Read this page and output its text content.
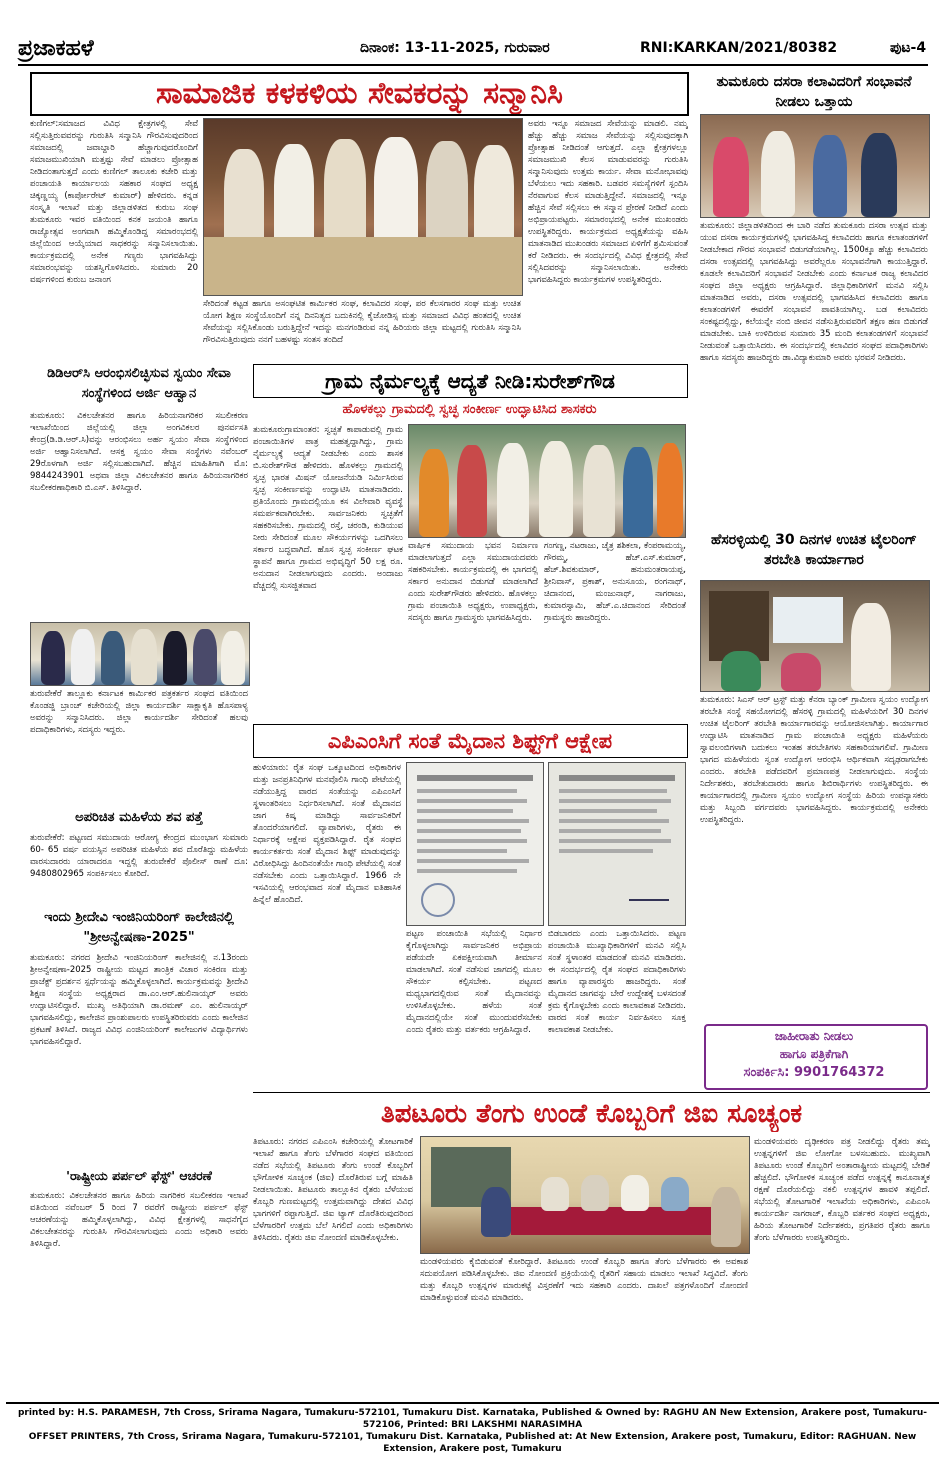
ಪ್ರಜಾಕಹಳೆ	ದಿನಾಂಕ: 13-11-2025, ಗುರುವಾರ	RNI:KARKAN/2021/80382	ಪುಟ-4
ಸಾಮಾಜಿಕ ಕಳಕಳಿಯ ಸೇವಕರನ್ನು ಸನ್ಮಾನಿಸಿ
ಕುಣಿಗಲ್:ಸಮಾಜದ ವಿವಿಧ ಕ್ಷೇತ್ರಗಳಲ್ಲಿ ಸೇವೆ ಸಲ್ಲಿಸುತ್ತಿರುವವರನ್ನು ಗುರುತಿಸಿ ಸನ್ಮಾನಿಸಿ ಗೌರವಿಸುವುದರಿಂದ ಸಮಾಜದಲ್ಲಿ ಜವಾಬ್ದಾರಿ ಹೆಚ್ಚಾಗುವುದರೊಂದಿಗೆ ಸಮಾಜಮುಖಿಯಾಗಿ ಮತ್ತಷ್ಟು ಸೇವೆ ಮಾಡಲು ಪ್ರೋತ್ಸಾಹ ನೀಡಿದಂತಾಗುತ್ತದೆ ಎಂದು ಕುಣಿಗಲ್ ತಾಲೂಕು ಕಚೇರಿ ಮತ್ತು ಪಂಚಾಯತಿ ಕಾರ್ಯಾಲಯ ಸಹಕಾರ ಸಂಘದ ಅಧ್ಯಕ್ಷ ಚಿಕ್ಕಣ್ಣಯ್ಯ (ಕಾರ್ಪೋರೇಟ್ ಕುಮಾರ್) ಹೇಳಿದರು. ಕನ್ನಡ ಸಂಸ್ಕೃತಿ ಇಲಾಖೆ ಮತ್ತು ಜಿಲ್ಲಾಡಳಿತದ ಕುರುಬ ಸಂಘ ತುಮಕೂರು ಇವರ ವತಿಯಿಂದ ಕನಕ ಜಯಂತಿ ಹಾಗೂ ರಾಜ್ಯೋತ್ಸವ ಅಂಗವಾಗಿ ಹಮ್ಮಿಕೊಂಡಿದ್ದ ಸಮಾರಂಭದಲ್ಲಿ ಜಿಲ್ಲೆಯಿಂದ ಆಯ್ಕೆಯಾದ ಸಾಧಕರನ್ನು ಸನ್ಮಾನಿಸಲಾಯಿತು. ಕಾರ್ಯಕ್ರಮದಲ್ಲಿ ಅನೇಕ ಗಣ್ಯರು ಭಾಗವಹಿಸಿದ್ದು ಸಮಾರಂಭವನ್ನು ಯಶಸ್ವಿಗೊಳಿಸಿದರು. ಸುಮಾರು 20 ವರ್ಷಗಳಿಂದ ಕುರುಬ ಜನಾಂಗ
ಸೇರಿದಂತೆ ಕಟ್ಟಡ ಹಾಗೂ ಅಸಂಘಟಿತ ಕಾರ್ಮಿಕರ ಸಂಘ, ಕಲಾವಿದರ ಸಂಘ, ಪರ ಕೆಲಸಗಾರರ ಸಂಘ ಮತ್ತು ಉಚಿತ ಯೋಗ ಶಿಕ್ಷಣ ಸಂಸ್ಥೆಯೊಂದಿಗೆ ನನ್ನ ದಿನನಿತ್ಯದ ಬದುಕಿನಲ್ಲಿ ಕೈಜೋಡಿಸ್ಸ ಮತ್ತು ಸಮಾಜದ ವಿವಿಧ ಹಂತದಲ್ಲಿ ಉಚಿತ ಸೇವೆಯನ್ನು ಸಲ್ಲಿಸಿಕೊಂಡು ಬರುತ್ತಿದ್ದೇನೆ ಇದನ್ನು ಮನಗಂಡಿರುವ ನನ್ನ ಹಿರಿಯರು ಜಿಲ್ಲಾ ಮಟ್ಟದಲ್ಲಿ ಗುರುತಿಸಿ ಸನ್ಮಾನಿಸಿ ಗೌರವಿಸುತ್ತಿರುವುದು ನನಗೆ ಬಹಳಷ್ಟು ಸಂತಸ ತಂದಿದೆ
ಅವರು ಇನ್ನೂ ಸಮಾಜದ ಸೇವೆಯನ್ನು ಮಾಡಲಿ. ನಮ್ಮ ಹೆಚ್ಚು ಹೆಚ್ಚು ಸಮಾಜ ಸೇವೆಯನ್ನು ಸಲ್ಲಿಸುವುದಕ್ಕಾಗಿ ಪ್ರೋತ್ಸಾಹ ನೀಡಿದಂತೆ ಆಗುತ್ತದೆ. ಎಲ್ಲಾ ಕ್ಷೇತ್ರಗಳಲ್ಲೂ ಸಮಾಜಮುಖಿ ಕೆಲಸ ಮಾಡುವವರನ್ನು ಗುರುತಿಸಿ ಸನ್ಮಾನಿಸುವುದು ಉತ್ತಮ ಕಾರ್ಯ. ಸೇವಾ ಮನೋಭಾವವು ಬೆಳೆಯಲು ಇದು ಸಹಕಾರಿ. ಬಡವರ ಸಮಸ್ಯೆಗಳಿಗೆ ಸ್ಪಂದಿಸಿ ನೆರವಾಗುವ ಕೆಲಸ ಮಾಡುತ್ತಿದ್ದೇನೆ. ಸಮಾಜದಲ್ಲಿ ಇನ್ನೂ ಹೆಚ್ಚಿನ ಸೇವೆ ಸಲ್ಲಿಸಲು ಈ ಸನ್ಮಾನ ಪ್ರೇರಣೆ ನೀಡಿದೆ ಎಂದು ಅಭಿಪ್ರಾಯಪಟ್ಟರು. ಸಮಾರಂಭದಲ್ಲಿ ಅನೇಕ ಮುಖಂಡರು ಉಪಸ್ಥಿತರಿದ್ದರು. ಕಾರ್ಯಕ್ರಮದ ಅಧ್ಯಕ್ಷತೆಯನ್ನು ವಹಿಸಿ ಮಾತನಾಡಿದ ಮುಖಂಡರು ಸಮಾಜದ ಏಳಿಗೆಗೆ ಶ್ರಮಿಸುವಂತೆ ಕರೆ ನೀಡಿದರು. ಈ ಸಂದರ್ಭದಲ್ಲಿ ವಿವಿಧ ಕ್ಷೇತ್ರದಲ್ಲಿ ಸೇವೆ ಸಲ್ಲಿಸಿದವರನ್ನು ಸನ್ಮಾನಿಸಲಾಯಿತು. ಅನೇಕರು ಭಾಗವಹಿಸಿದ್ದರು ಕಾರ್ಯಕ್ರಮಗಳ ಉಪಸ್ಥಿತರಿದ್ದರು.
ತುಮಕೂರು ದಸರಾ ಕಲಾವಿದರಿಗೆ ಸಂಭಾವನೆ ನೀಡಲು ಒತ್ತಾಯ
ತುಮಕೂರು: ಜಿಲ್ಲಾಡಳಿತದಿಂದ ಈ ಬಾರಿ ನಡೆದ ತುಮಕೂರು ದಸರಾ ಉತ್ಸವ ಮತ್ತು ಯುವ ದಸರಾ ಕಾರ್ಯಕ್ರಮಗಳಲ್ಲಿ ಭಾಗವಹಿಸಿದ್ದ ಕಲಾವಿದರು ಹಾಗೂ ಕಲಾತಂಡಗಳಿಗೆ ನೀಡಬೇಕಾದ ಗೌರವ ಸಂಭಾವನೆ ಬಿಡುಗಡೆಯಾಗಿಲ್ಲ. 1500ಕ್ಕೂ ಹೆಚ್ಚು ಕಲಾವಿದರು ದಸರಾ ಉತ್ಸವದಲ್ಲಿ ಭಾಗವಹಿಸಿದ್ದು ಅವರೆಲ್ಲರೂ ಸಂಭಾವನೆಗಾಗಿ ಕಾಯುತ್ತಿದ್ದಾರೆ. ಕೂಡಲೇ ಕಲಾವಿದರಿಗೆ ಸಂಭಾವನೆ ನೀಡಬೇಕು ಎಂದು ಕರ್ನಾಟಕ ರಾಜ್ಯ ಕಲಾವಿದರ ಸಂಘದ ಜಿಲ್ಲಾ ಅಧ್ಯಕ್ಷರು ಆಗ್ರಹಿಸಿದ್ದಾರೆ. ಜಿಲ್ಲಾಧಿಕಾರಿಗಳಿಗೆ ಮನವಿ ಸಲ್ಲಿಸಿ ಮಾತನಾಡಿದ ಅವರು, ದಸರಾ ಉತ್ಸವದಲ್ಲಿ ಭಾಗವಹಿಸಿದ ಕಲಾವಿದರು ಹಾಗೂ ಕಲಾತಂಡಗಳಿಗೆ ಈವರೆಗೆ ಸಂಭಾವನೆ ಪಾವತಿಯಾಗಿಲ್ಲ. ಬಡ ಕಲಾವಿದರು ಸಂಕಷ್ಟದಲ್ಲಿದ್ದು, ಕಲೆಯನ್ನೇ ನಂಬಿ ಜೀವನ ನಡೆಸುತ್ತಿರುವವರಿಗೆ ತಕ್ಷಣ ಹಣ ಬಿಡುಗಡೆ ಮಾಡಬೇಕು. ಬಾಕಿ ಉಳಿದಿರುವ ಸುಮಾರು 35 ಮಂದಿ ಕಲಾತಂಡಗಳಿಗೆ ಸಂಭಾವನೆ ನೀಡುವಂತೆ ಒತ್ತಾಯಿಸಿದರು. ಈ ಸಂದರ್ಭದಲ್ಲಿ ಕಲಾವಿದರ ಸಂಘದ ಪದಾಧಿಕಾರಿಗಳು ಹಾಗೂ ಸದಸ್ಯರು ಹಾಜರಿದ್ದರು ಡಾ.ವಿದ್ಯಾಕುಮಾರಿ ಅವರು ಭರವಸೆ ನೀಡಿದರು.
ಡಿಡಿಆರ್‌ಸಿ ಆರಂಭಿಸಲಿಚ್ಛಿಸುವ ಸ್ವಯಂ ಸೇವಾ ಸಂಸ್ಥೆಗಳಿಂದ ಅರ್ಜಿ ಆಹ್ವಾನ
ತುಮಕೂರು: ವಿಕಲಚೇತನರ ಹಾಗೂ ಹಿರಿಯನಾಗರಿಕರ ಸಬಲೀಕರಣ ಇಲಾಖೆಯಿಂದ ಜಿಲ್ಲೆಯಲ್ಲಿ ಜಿಲ್ಲಾ ಅಂಗವಿಕಲರ ಪುನರ್ವಸತಿ ಕೇಂದ್ರ(ಡಿ.ಡಿ.ಆರ್.ಸಿ)ವನ್ನು ಆರಂಭಿಸಲು ಅರ್ಹ ಸ್ವಯಂ ಸೇವಾ ಸಂಸ್ಥೆಗಳಿಂದ ಅರ್ಜಿ ಆಹ್ವಾನಿಸಲಾಗಿದೆ. ಆಸಕ್ತ ಸ್ವಯಂ ಸೇವಾ ಸಂಸ್ಥೆಗಳು ನವೆಂಬರ್ 29ರೊಳಗಾಗಿ ಅರ್ಜಿ ಸಲ್ಲಿಸಬಹುದಾಗಿದೆ. ಹೆಚ್ಚಿನ ಮಾಹಿತಿಗಾಗಿ ಮೊ: 9844243901 ಅಥವಾ ಜಿಲ್ಲಾ ವಿಕಲಚೇತನರ ಹಾಗೂ ಹಿರಿಯನಾಗರಿಕರ ಸಬಲೀಕರಣಾಧಿಕಾರಿ ಬಿ.ಎಸ್. ತಿಳಿಸಿದ್ದಾರೆ.
ತುರುವೇಕೆರೆ ತಾಲ್ಲೂಕು ಕರ್ನಾಟಕ ಕಾರ್ಮಿಕರ ಪತ್ರಕರ್ತರ ಸಂಘದ ವತಿಯಿಂದ ಕೊಂಡಜ್ಜಿ ಬ್ರಾಂಚ್ ಕಚೇರಿಯಲ್ಲಿ ಜಿಲ್ಲಾ ಕಾರ್ಯದರ್ಶಿ ಸಾಕ್ಷಾಕೃತಿ ಹೊಸಪಾಳ್ಯ ಅವರನ್ನು ಸನ್ಮಾನಿಸಿದರು. ಜಿಲ್ಲಾ ಕಾರ್ಯದರ್ಶಿ ಸೇರಿದಂತೆ ಹಲವು ಪದಾಧಿಕಾರಿಗಳು, ಸದಸ್ಯರು ಇದ್ದರು.
ಅಪರಿಚಿತ ಮಹಿಳೆಯ ಶವ ಪತ್ತೆ
ತುರುವೇಕೆರೆ: ಪಟ್ಟಣದ ಸಮುದಾಯ ಆರೋಗ್ಯ ಕೇಂದ್ರದ ಮುಂಭಾಗ ಸುಮಾರು 60- 65 ವರ್ಷ ವಯಸ್ಸಿನ ಅಪರಿಚಿತ ಮಹಿಳೆಯ ಶವ ದೊರೆತಿದ್ದು ಮಹಿಳೆಯ ವಾರಸುದಾರರು ಯಾರಾದರೂ ಇದ್ದಲ್ಲಿ ತುರುವೇಕೆರೆ ಪೊಲೀಸ್ ಠಾಣೆ ದೂ: 9480802965 ಸಂಪರ್ಕಿಸಲು ಕೋರಿದೆ.
ಇಂದು ಶ್ರೀದೇವಿ ಇಂಜಿನಿಯರಿಂಗ್ ಕಾಲೇಜಿನಲ್ಲಿ "ಶ್ರೀಅನ್ವೇಷಣಾ-2025"
ತುಮಕೂರು: ನಗರದ ಶ್ರೀದೇವಿ ಇಂಜಿನಿಯರಿಂಗ್ ಕಾಲೇಜಿನಲ್ಲಿ ನ.13ರಂದು ಶ್ರೀಅನ್ವೇಷಣಾ-2025 ರಾಷ್ಟ್ರೀಯ ಮಟ್ಟದ ತಾಂತ್ರಿಕ ವಿಚಾರ ಸಂಕಿರಣ ಮತ್ತು ಪ್ರಾಜೆಕ್ಟ್ ಪ್ರದರ್ಶನ ಸ್ಪರ್ಧೆಯನ್ನು ಹಮ್ಮಿಕೊಳ್ಳಲಾಗಿದೆ. ಕಾರ್ಯಕ್ರಮವನ್ನು ಶ್ರೀದೇವಿ ಶಿಕ್ಷಣ ಸಂಸ್ಥೆಯ ಅಧ್ಯಕ್ಷರಾದ ಡಾ.ಎಂ.ಆರ್.ಹುಲಿನಾಯ್ಕರ್ ಅವರು ಉದ್ಘಾಟಿಸಲಿದ್ದಾರೆ. ಮುಖ್ಯ ಅತಿಥಿಯಾಗಿ ಡಾ.ರಮಣ್ ಎಂ. ಹುಲಿನಾಯ್ಕರ್ ಭಾಗವಹಿಸಲಿದ್ದು, ಕಾಲೇಜಿನ ಪ್ರಾಂಶುಪಾಲರು ಉಪಸ್ಥಿತರಿರುವರು ಎಂದು ಕಾಲೇಜಿನ ಪ್ರಕಟಣೆ ತಿಳಿಸಿದೆ. ರಾಜ್ಯದ ವಿವಿಧ ಎಂಜಿನಿಯರಿಂಗ್ ಕಾಲೇಜುಗಳ ವಿದ್ಯಾರ್ಥಿಗಳು ಭಾಗವಹಿಸಲಿದ್ದಾರೆ.
'ರಾಷ್ಟ್ರೀಯ ಪರ್ಪಲ್ ಫೆಸ್ಟ್' ಆಚರಣೆ
ತುಮಕೂರು: ವಿಕಲಚೇತನರ ಹಾಗೂ ಹಿರಿಯ ನಾಗರಿಕರ ಸಬಲೀಕರಣ ಇಲಾಖೆ ವತಿಯಿಂದ ನವೆಂಬರ್ 5 ರಿಂದ 7 ರವರೆಗೆ ರಾಷ್ಟ್ರೀಯ ಪರ್ಪಲ್ ಫೆಸ್ಟ್ ಆಚರಣೆಯನ್ನು ಹಮ್ಮಿಕೊಳ್ಳಲಾಗಿದ್ದು, ವಿವಿಧ ಕ್ಷೇತ್ರಗಳಲ್ಲಿ ಸಾಧನೆಗೈದ ವಿಕಲಚೇತನರನ್ನು ಗುರುತಿಸಿ ಗೌರವಿಸಲಾಗುವುದು ಎಂದು ಅಧಿಕಾರಿ ಅವರು ತಿಳಿಸಿದ್ದಾರೆ.
ಗ್ರಾಮ ನೈರ್ಮಲ್ಯಕ್ಕೆ ಆದ್ಯತೆ ನೀಡಿ:ಸುರೇಶ್‌ಗೌಡ
ಹೊಳಕಲ್ಲು ಗ್ರಾಮದಲ್ಲಿ ಸ್ವಚ್ಛ ಸಂಕೀರ್ಣ ಉದ್ಘಾಟಿಸಿದ ಶಾಸಕರು
ತುಮಕೂರುಗ್ರಾಮಾಂತರ: ಸ್ವಚ್ಛತೆ ಕಾಪಾಡುವಲ್ಲಿ ಗ್ರಾಮ ಪಂಚಾಯಿತಿಗಳ ಪಾತ್ರ ಮಹತ್ವದ್ದಾಗಿದ್ದು, ಗ್ರಾಮ ನೈರ್ಮಲ್ಯಕ್ಕೆ ಆದ್ಯತೆ ನೀಡಬೇಕು ಎಂದು ಶಾಸಕ ಬಿ.ಸುರೇಶ್‌ಗೌಡ ಹೇಳಿದರು. ಹೊಳಕಲ್ಲು ಗ್ರಾಮದಲ್ಲಿ ಸ್ವಚ್ಛ ಭಾರತ ಮಿಷನ್ ಯೋಜನೆಯಡಿ ನಿರ್ಮಿಸಿರುವ ಸ್ವಚ್ಛ ಸಂಕೀರ್ಣವನ್ನು ಉದ್ಘಾಟಿಸಿ ಮಾತನಾಡಿದರು. ಪ್ರತಿಯೊಂದು ಗ್ರಾಮದಲ್ಲಿಯೂ ಕಸ ವಿಲೇವಾರಿ ವ್ಯವಸ್ಥೆ ಸಮರ್ಪಕವಾಗಿರಬೇಕು. ಸಾರ್ವಜನಿಕರು ಸ್ವಚ್ಛತೆಗೆ ಸಹಕರಿಸಬೇಕು. ಗ್ರಾಮದಲ್ಲಿ ರಸ್ತೆ, ಚರಂಡಿ, ಕುಡಿಯುವ ನೀರು ಸೇರಿದಂತೆ ಮೂಲ ಸೌಕರ್ಯಗಳನ್ನು ಒದಗಿಸಲು ಸರ್ಕಾರ ಬದ್ಧವಾಗಿದೆ. ಹೊಸ ಸ್ವಚ್ಛ ಸಂಕೀರ್ಣ ಘಟಕ ಸ್ಥಾಪನೆ ಹಾಗೂ ಗ್ರಾಮದ ಅಭಿವೃದ್ಧಿಗೆ 50 ಲಕ್ಷ ರೂ. ಅನುದಾನ ನೀಡಲಾಗುವುದು ಎಂದರು. ಅಂದಾಜು ವೆಚ್ಚದಲ್ಲಿ ಸುಸಜ್ಜಿತವಾದ
ವಾರ್ಷಿಕ ಸಮುದಾಯ ಭವನ ನಿರ್ಮಾಣ ಮಾಡಲಾಗುತ್ತದೆ ಎಲ್ಲಾ ಸಮುದಾಯದವರು ಸಹಕರಿಸಬೇಕು. ಕಾರ್ಯಕ್ರಮದಲ್ಲಿ ಈ ಭಾಗದಲ್ಲಿ ಸರ್ಕಾರ ಅನುದಾನ ಬಿಡುಗಡೆ ಮಾಡಲಾಗಿದೆ ಎಂದು ಸುರೇಶ್‌ಗೌಡರು ಹೇಳಿದರು. ಹೊಳಕಲ್ಲು ಗ್ರಾಮ ಪಂಚಾಯಿತಿ ಅಧ್ಯಕ್ಷರು, ಉಪಾಧ್ಯಕ್ಷರು, ಸದಸ್ಯರು ಹಾಗೂ ಗ್ರಾಮಸ್ಥರು ಭಾಗವಹಿಸಿದ್ದರು.
ಗಂಗಣ್ಣ, ನಟರಾಜು, ಚೈತ್ರ ಶಶಿಕಲಾ, ಕೆಂಪರಾಮಯ್ಯ, ಗೌರಮ್ಮ, ಹೆಚ್.ಎಸ್.ಕುಮಾರ್, ಹೆಚ್.ಶಿವಕುಮಾರ್, ಹನುಮಂತರಾಯಪ್ಪ, ಶ್ರೀನಿವಾಸ್, ಪ್ರಕಾಶ್, ಅನುಸೂಯ, ರಂಗನಾಥ್, ಚಿದಾನಂದ, ಮಂಜುನಾಥ್, ನಾಗರಾಜು, ಕುಮಾರಸ್ವಾಮಿ, ಹೆಚ್.ಎ.ಚಿದಾನಂದ ಸೇರಿದಂತೆ ಗ್ರಾಮಸ್ಥರು ಹಾಜರಿದ್ದರು.
ಹೆಸರಳ್ಳಿಯಲ್ಲಿ 30 ದಿನಗಳ ಉಚಿತ ಟೈಲರಿಂಗ್ ತರಬೇತಿ ಕಾರ್ಯಾಗಾರ
ತುಮಕೂರು: ಸಿಎಸ್ ಆರ್ ಟ್ರಸ್ಟ್ ಮತ್ತು ಕೆನರಾ ಬ್ಯಾಂಕ್ ಗ್ರಾಮೀಣ ಸ್ವಯಂ ಉದ್ಯೋಗ ತರಬೇತಿ ಸಂಸ್ಥೆ ಸಹಯೋಗದಲ್ಲಿ ಹೆಸರಳ್ಳಿ ಗ್ರಾಮದಲ್ಲಿ ಮಹಿಳೆಯರಿಗೆ 30 ದಿನಗಳ ಉಚಿತ ಟೈಲರಿಂಗ್ ತರಬೇತಿ ಕಾರ್ಯಾಗಾರವನ್ನು ಆಯೋಜಿಸಲಾಗಿತ್ತು. ಕಾರ್ಯಾಗಾರ ಉದ್ಘಾಟಿಸಿ ಮಾತನಾಡಿದ ಗ್ರಾಮ ಪಂಚಾಯಿತಿ ಅಧ್ಯಕ್ಷರು ಮಹಿಳೆಯರು ಸ್ವಾವಲಂಬಿಗಳಾಗಿ ಬದುಕಲು ಇಂತಹ ತರಬೇತಿಗಳು ಸಹಕಾರಿಯಾಗಲಿವೆ. ಗ್ರಾಮೀಣ ಭಾಗದ ಮಹಿಳೆಯರು ಸ್ವಂತ ಉದ್ಯೋಗ ಆರಂಭಿಸಿ ಆರ್ಥಿಕವಾಗಿ ಸದೃಢರಾಗಬೇಕು ಎಂದರು. ತರಬೇತಿ ಪಡೆದವರಿಗೆ ಪ್ರಮಾಣಪತ್ರ ನೀಡಲಾಗುವುದು. ಸಂಸ್ಥೆಯ ನಿರ್ದೇಶಕರು, ತರಬೇತುದಾರರು ಹಾಗೂ ಶಿಬಿರಾರ್ಥಿಗಳು ಉಪಸ್ಥಿತರಿದ್ದರು. ಈ ಕಾರ್ಯಾಗಾರದಲ್ಲಿ ಗ್ರಾಮೀಣ ಸ್ವಯಂ ಉದ್ಯೋಗ ಸಂಸ್ಥೆಯ ಹಿರಿಯ ಉಪನ್ಯಾಸಕರು ಮತ್ತು ಸಿಬ್ಬಂದಿ ವರ್ಗದವರು ಭಾಗವಹಿಸಿದ್ದರು. ಕಾರ್ಯಕ್ರಮದಲ್ಲಿ ಅನೇಕರು ಉಪಸ್ಥಿತರಿದ್ದರು.
ಜಾಹೀರಾತು ನೀಡಲು
ಹಾಗೂ ಪತ್ರಿಕೆಗಾಗಿ
ಸಂಪರ್ಕಿಸಿ: 9901764372
ಎಪಿಎಂಸಿಗೆ ಸಂತೆ ಮೈದಾನ ಶಿಫ್ಟ್‌ಗೆ ಆಕ್ಷೇಪ
ಹುಳಿಯಾರು: ರೈತ ಸಂಘ ಒಕ್ಕೂಟದಿಂದ ಅಧಿಕಾರಿಗಳ ಮತ್ತು ಜನಪ್ರತಿನಿಧಿಗಳ ಮನವೊಲಿಸಿ ಗಾಂಧಿ ಪೇಟೆಯಲ್ಲಿ ನಡೆಯುತ್ತಿದ್ದ ವಾರದ ಸಂತೆಯನ್ನು ಎಪಿಎಂಸಿಗೆ ಸ್ಥಳಾಂತರಿಸಲು ನಿರ್ಧರಿಸಲಾಗಿದೆ. ಸಂತೆ ಮೈದಾನದ ಜಾಗ ಕಿಷ್ಕ ಮಾಡಿದ್ದು ಸಾರ್ವಜನಿಕರಿಗೆ ತೊಂದರೆಯಾಗಲಿದೆ. ವ್ಯಾಪಾರಿಗಳು, ರೈತರು ಈ ನಿರ್ಧಾರಕ್ಕೆ ಆಕ್ಷೇಪ ವ್ಯಕ್ತಪಡಿಸಿದ್ದಾರೆ. ರೈತ ಸಂಘದ ಕಾರ್ಯಕರ್ತರು ಸಂತೆ ಮೈದಾನ ಶಿಫ್ಟ್ ಮಾಡುವುದನ್ನು ವಿರೋಧಿಸಿದ್ದು ಹಿಂದಿನಂತೆಯೇ ಗಾಂಧಿ ಪೇಟೆಯಲ್ಲಿ ಸಂತೆ ನಡೆಸಬೇಕು ಎಂದು ಒತ್ತಾಯಿಸಿದ್ದಾರೆ. 1966 ನೇ ಇಸವಿಯಲ್ಲಿ ಆರಂಭವಾದ ಸಂತೆ ಮೈದಾನ ಐತಿಹಾಸಿಕ ಹಿನ್ನೆಲೆ ಹೊಂದಿದೆ.
ಪಟ್ಟಣ ಪಂಚಾಯಿತಿ ಸಭೆಯಲ್ಲಿ ನಿರ್ಧಾರ ಕೈಗೊಳ್ಳಲಾಗಿದ್ದು ಸಾರ್ವಜನಿಕರ ಅಭಿಪ್ರಾಯ ಪಡೆಯದೇ ಏಕಪಕ್ಷೀಯವಾಗಿ ತೀರ್ಮಾನ ಮಾಡಲಾಗಿದೆ. ಸಂತೆ ನಡೆಸುವ ಜಾಗದಲ್ಲಿ ಮೂಲ ಸೌಕರ್ಯ ಕಲ್ಪಿಸಬೇಕು. ಪಟ್ಟಣದ ಮಧ್ಯಭಾಗದಲ್ಲಿರುವ ಸಂತೆ ಮೈದಾನವನ್ನು ಉಳಿಸಿಕೊಳ್ಳಬೇಕು. ಹಳೆಯ ಸಂತೆ ಮೈದಾನದಲ್ಲಿಯೇ ಸಂತೆ ಮುಂದುವರೆಸಬೇಕು ಎಂದು ರೈತರು ಮತ್ತು ವರ್ತಕರು ಆಗ್ರಹಿಸಿದ್ದಾರೆ.
ಬಿಡಬಾರದು ಎಂದು ಒತ್ತಾಯಿಸಿದರು. ಪಟ್ಟಣ ಪಂಚಾಯಿತಿ ಮುಖ್ಯಾಧಿಕಾರಿಗಳಿಗೆ ಮನವಿ ಸಲ್ಲಿಸಿ ಸಂತೆ ಸ್ಥಳಾಂತರ ಮಾಡದಂತೆ ಮನವಿ ಮಾಡಿದರು. ಈ ಸಂದರ್ಭದಲ್ಲಿ ರೈತ ಸಂಘದ ಪದಾಧಿಕಾರಿಗಳು ಹಾಗೂ ವ್ಯಾಪಾರಸ್ಥರು ಹಾಜರಿದ್ದರು. ಸಂತೆ ಮೈದಾನದ ಜಾಗವನ್ನು ಬೇರೆ ಉದ್ದೇಶಕ್ಕೆ ಬಳಸದಂತೆ ಕ್ರಮ ಕೈಗೊಳ್ಳಬೇಕು ಎಂದು ಕಾಲಾವಕಾಶ ನೀಡಿದರು. ವಾರದ ಸಂತೆ ಕಾರ್ಯ ನಿರ್ವಹಿಸಲು ಸೂಕ್ತ ಕಾಲಾವಕಾಶ ನೀಡಬೇಕು.
ತಿಪಟೂರು ತೆಂಗು ಉಂಡೆ ಕೊಬ್ಬರಿಗೆ ಜಿಐ ಸೂಚ್ಯಂಕ
ತಿಪಟೂರು: ನಗರದ ಎಪಿಎಂಸಿ ಕಚೇರಿಯಲ್ಲಿ ತೋಟಗಾರಿಕೆ ಇಲಾಖೆ ಹಾಗೂ ತೆಂಗು ಬೆಳೆಗಾರರ ಸಂಘದ ವತಿಯಿಂದ ನಡೆದ ಸಭೆಯಲ್ಲಿ ತಿಪಟೂರು ತೆಂಗು ಉಂಡೆ ಕೊಬ್ಬರಿಗೆ ಭೌಗೋಳಿಕ ಸೂಚ್ಯಂಕ (ಜಿಐ) ದೊರೆತಿರುವ ಬಗ್ಗೆ ಮಾಹಿತಿ ನೀಡಲಾಯಿತು. ತಿಪಟೂರು ತಾಲ್ಲೂಕಿನ ರೈತರು ಬೆಳೆಯುವ ಕೊಬ್ಬರಿ ಗುಣಮಟ್ಟದಲ್ಲಿ ಉತ್ತಮವಾಗಿದ್ದು ದೇಶದ ವಿವಿಧ ಭಾಗಗಳಿಗೆ ರಫ್ತಾಗುತ್ತಿದೆ. ಜಿಐ ಟ್ಯಾಗ್ ದೊರೆತಿರುವುದರಿಂದ ಬೆಳೆಗಾರರಿಗೆ ಉತ್ತಮ ಬೆಲೆ ಸಿಗಲಿದೆ ಎಂದು ಅಧಿಕಾರಿಗಳು ತಿಳಿಸಿದರು. ರೈತರು ಜಿಐ ನೋಂದಣಿ ಮಾಡಿಕೊಳ್ಳಬೇಕು.
ಮಂಡಳಿಯವರು ಕೈಬಿಡುವಂತೆ ಕೋರಿದ್ದಾರೆ. ತಿಪಟೂರು ಉಂಡೆ ಕೊಬ್ಬರಿ ಹಾಗೂ ತೆಂಗು ಬೆಳೆಗಾರರು ಈ ಅವಕಾಶ ಸದುಪಯೋಗ ಪಡಿಸಿಕೊಳ್ಳಬೇಕು. ಜಿಐ ನೋಂದಣಿ ಪ್ರಕ್ರಿಯೆಯಲ್ಲಿ ರೈತರಿಗೆ ಸಹಾಯ ಮಾಡಲು ಇಲಾಖೆ ಸಿದ್ಧವಿದೆ. ತೆಂಗು ಮತ್ತು ಕೊಬ್ಬರಿ ಉತ್ಪನ್ನಗಳ ಮಾರುಕಟ್ಟೆ ವಿಸ್ತರಣೆಗೆ ಇದು ಸಹಕಾರಿ ಎಂದರು. ದಾಖಲೆ ಪತ್ರಗಳೊಂದಿಗೆ ನೋಂದಣಿ ಮಾಡಿಕೊಳ್ಳುವಂತೆ ಮನವಿ ಮಾಡಿದರು.
ಮಂಡಳಿಯವರು ದೃಢೀಕರಣ ಪತ್ರ ನೀಡಲಿದ್ದು ರೈತರು ತಮ್ಮ ಉತ್ಪನ್ನಗಳಿಗೆ ಜಿಐ ಲೋಗೋ ಬಳಸಬಹುದು. ಮುಖ್ಯವಾಗಿ ತಿಪಟೂರು ಉಂಡೆ ಕೊಬ್ಬರಿಗೆ ಅಂತಾರಾಷ್ಟ್ರೀಯ ಮಟ್ಟದಲ್ಲಿ ಬೇಡಿಕೆ ಹೆಚ್ಚಲಿದೆ. ಭೌಗೋಳಿಕ ಸೂಚ್ಯಂಕ ಪಡೆದ ಉತ್ಪನ್ನಕ್ಕೆ ಕಾನೂನಾತ್ಮಕ ರಕ್ಷಣೆ ದೊರೆಯಲಿದ್ದು ನಕಲಿ ಉತ್ಪನ್ನಗಳ ಹಾವಳಿ ತಪ್ಪಲಿದೆ. ಸಭೆಯಲ್ಲಿ ತೋಟಗಾರಿಕೆ ಇಲಾಖೆಯ ಅಧಿಕಾರಿಗಳು, ಎಪಿಎಂಸಿ ಕಾರ್ಯದರ್ಶಿ ನಾಗರಾಜ್, ಕೊಬ್ಬರಿ ವರ್ತಕರ ಸಂಘದ ಅಧ್ಯಕ್ಷರು, ಹಿರಿಯ ತೋಟಗಾರಿಕೆ ನಿರ್ದೇಶಕರು, ಪ್ರಗತಿಪರ ರೈತರು ಹಾಗೂ ತೆಂಗು ಬೆಳೆಗಾರರು ಉಪಸ್ಥಿತರಿದ್ದರು.
printed by: H.S. PARAMESH, 7th Cross, Srirama Nagara, Tumakuru-572101, Tumakuru Dist. Karnataka, Published & Owned by: RAGHU AN New Extension, Arakere post, Tumakuru-572106, Printed: BRI LAKSHMI NARASIMHA
OFFSET PRINTERS, 7th Cross, Srirama Nagara, Tumakuru-572101, Tumakuru Dist. Karnataka, Published at: At New Extension, Arakere post, Tumakuru, Editor: RAGHUAN. New Extension, Arakere post, Tumakuru
